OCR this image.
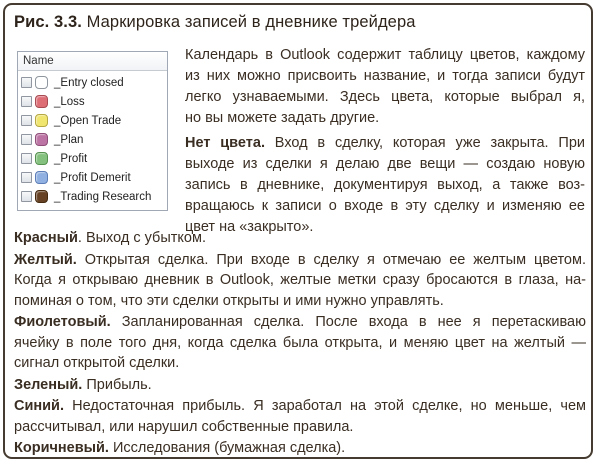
Рис. 3.3. Маркировка записей в дневнике трейдера
Name
_Entry closed
_Loss
_Open Trade
_Plan
_Profit
_Profit Demerit
_Trading Research
Календарь в Outlook содержит таблицу цветов, каждому
из них можно присвоить название, и тогда записи будут
легко узнаваемыми. Здесь цвета, которые выбрал я,
но вы можете задать другие.
Нет цвета. Вход в сделку, которая уже закрыта. При
выходе из сделки я делаю две вещи — создаю новую
запись в дневнике, документируя выход, а также воз-
вращаюсь к записи о входе в эту сделку и изменяю ее
цвет на «закрыто».
Красный. Выход с убытком.
Желтый. Открытая сделка. При входе в сделку я отмечаю ее желтым цветом.
Когда я открываю дневник в Outlook, желтые метки сразу бросаются в глаза, на-
поминая о том, что эти сделки открыты и ими нужно управлять.
Фиолетовый. Запланированная сделка. После входа в нее я перетаскиваю
ячейку в поле того дня, когда сделка была открыта, и меняю цвет на желтый —
сигнал открытой сделки.
Зеленый. Прибыль.
Синий. Недостаточная прибыль. Я заработал на этой сделке, но меньше, чем
рассчитывал, или нарушил собственные правила.
Коричневый. Исследования (бумажная сделка).
